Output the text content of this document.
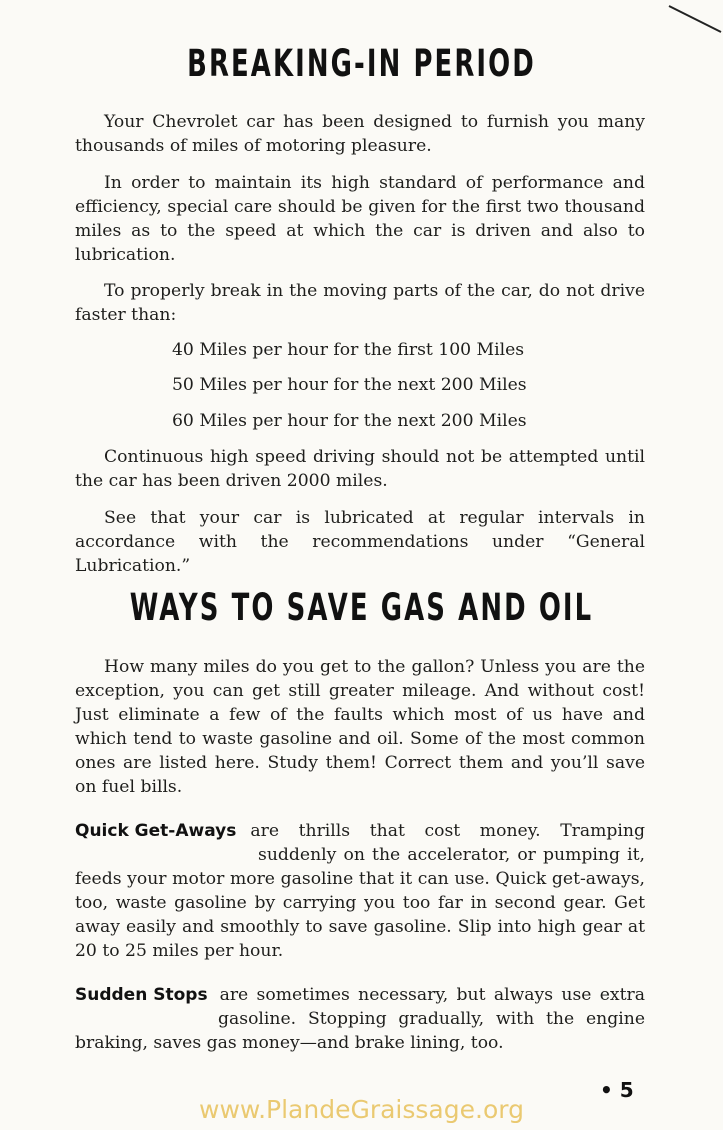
BREAKING-IN PERIOD

Your Chevrolet car has been designed to furnish you many thousands of miles of motoring pleasure.

In order to maintain its high standard of performance and efficiency, special care should be given for the first two thousand miles as to the speed at which the car is driven and also to lubrication.

To properly break in the moving parts of the car, do not drive faster than:

40 Miles per hour for the first 100 Miles

50 Miles per hour for the next 200 Miles

60 Miles per hour for the next 200 Miles

Continuous high speed driving should not be attempted until the car has been driven 2000 miles.

See that your car is lubricated at regular intervals in accordance with the recommendations under “General Lubrication.”

WAYS TO SAVE GAS AND OIL

How many miles do you get to the gallon? Unless you are the exception, you can get still greater mileage. And without cost! Just eliminate a few of the faults which most of us have and which tend to waste gasoline and oil. Some of the most common ones are listed here. Study them! Correct them and you’ll save on fuel bills.

Quick Get-Aways are thrills that cost money. Tramping
suddenly on the accelerator, or pumping it,
feeds your motor more gasoline that it can use. Quick get-aways, too, waste gasoline by carrying you too far in second gear. Get away easily and smoothly to save gasoline. Slip into high gear at 20 to 25 miles per hour.
Sudden Stops are sometimes necessary, but always use extra
gasoline. Stopping gradually, with the engine
braking, saves gas money—and brake lining, too.
• 5
www.PlandeGraissage.org
